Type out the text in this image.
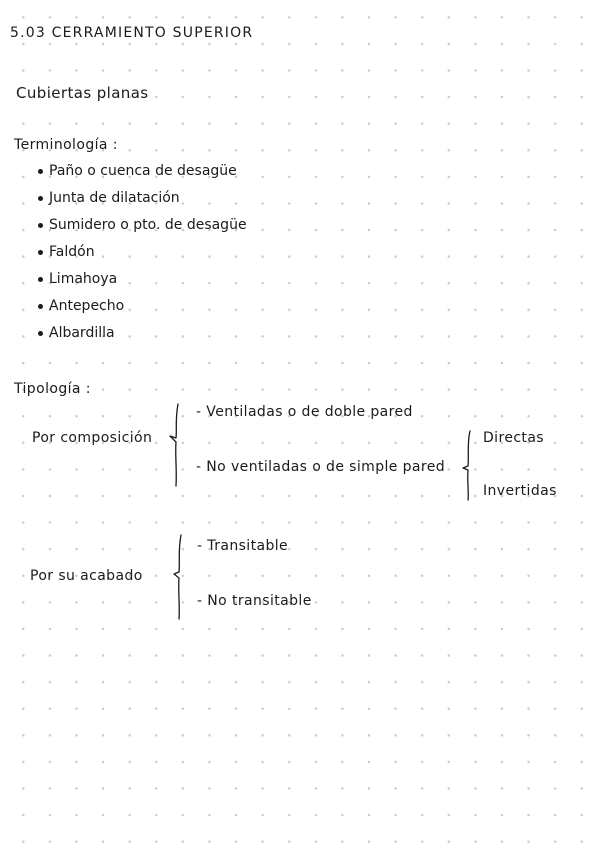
5.03 CERRAMIENTO SUPERIOR
Cubiertas planas
Terminología :
Paño o cuenca de desagüe
Junta de dilatación
Sumidero o pto. de desagüe
Faldón
Limahoya
Antepecho
Albardilla
Tipología :
Por composición
- Ventiladas o de doble pared
- No ventiladas o de simple pared
Directas
Invertidas
Por su acabado
- Transitable
- No transitable
